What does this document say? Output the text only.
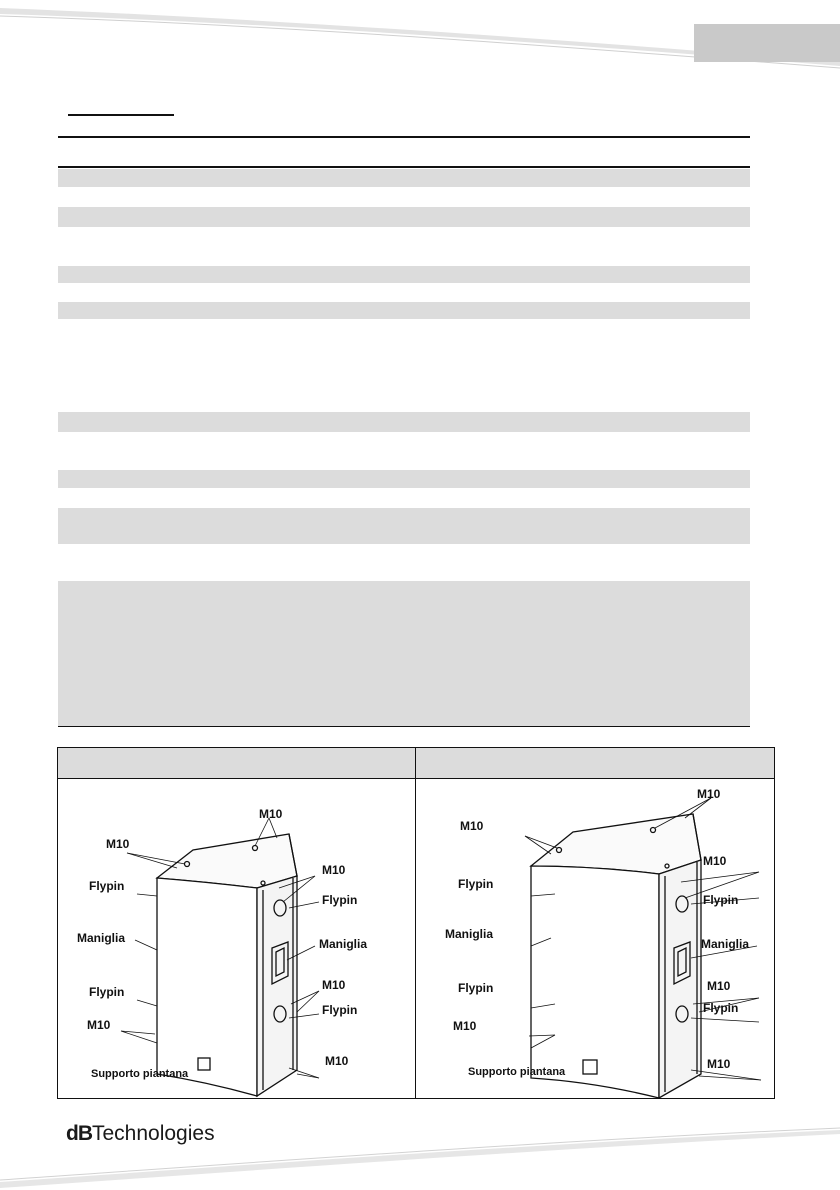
M10
M10
Flypin
Maniglia
Flypin
M10
Supporto piantana
M10
Flypin
Maniglia
M10
Flypin
M10
M10
M10
Flypin
Maniglia
Flypin
M10
Supporto piantana
M10
Flypin
Maniglia
M10
Flypin
M10
dBTechnologies
